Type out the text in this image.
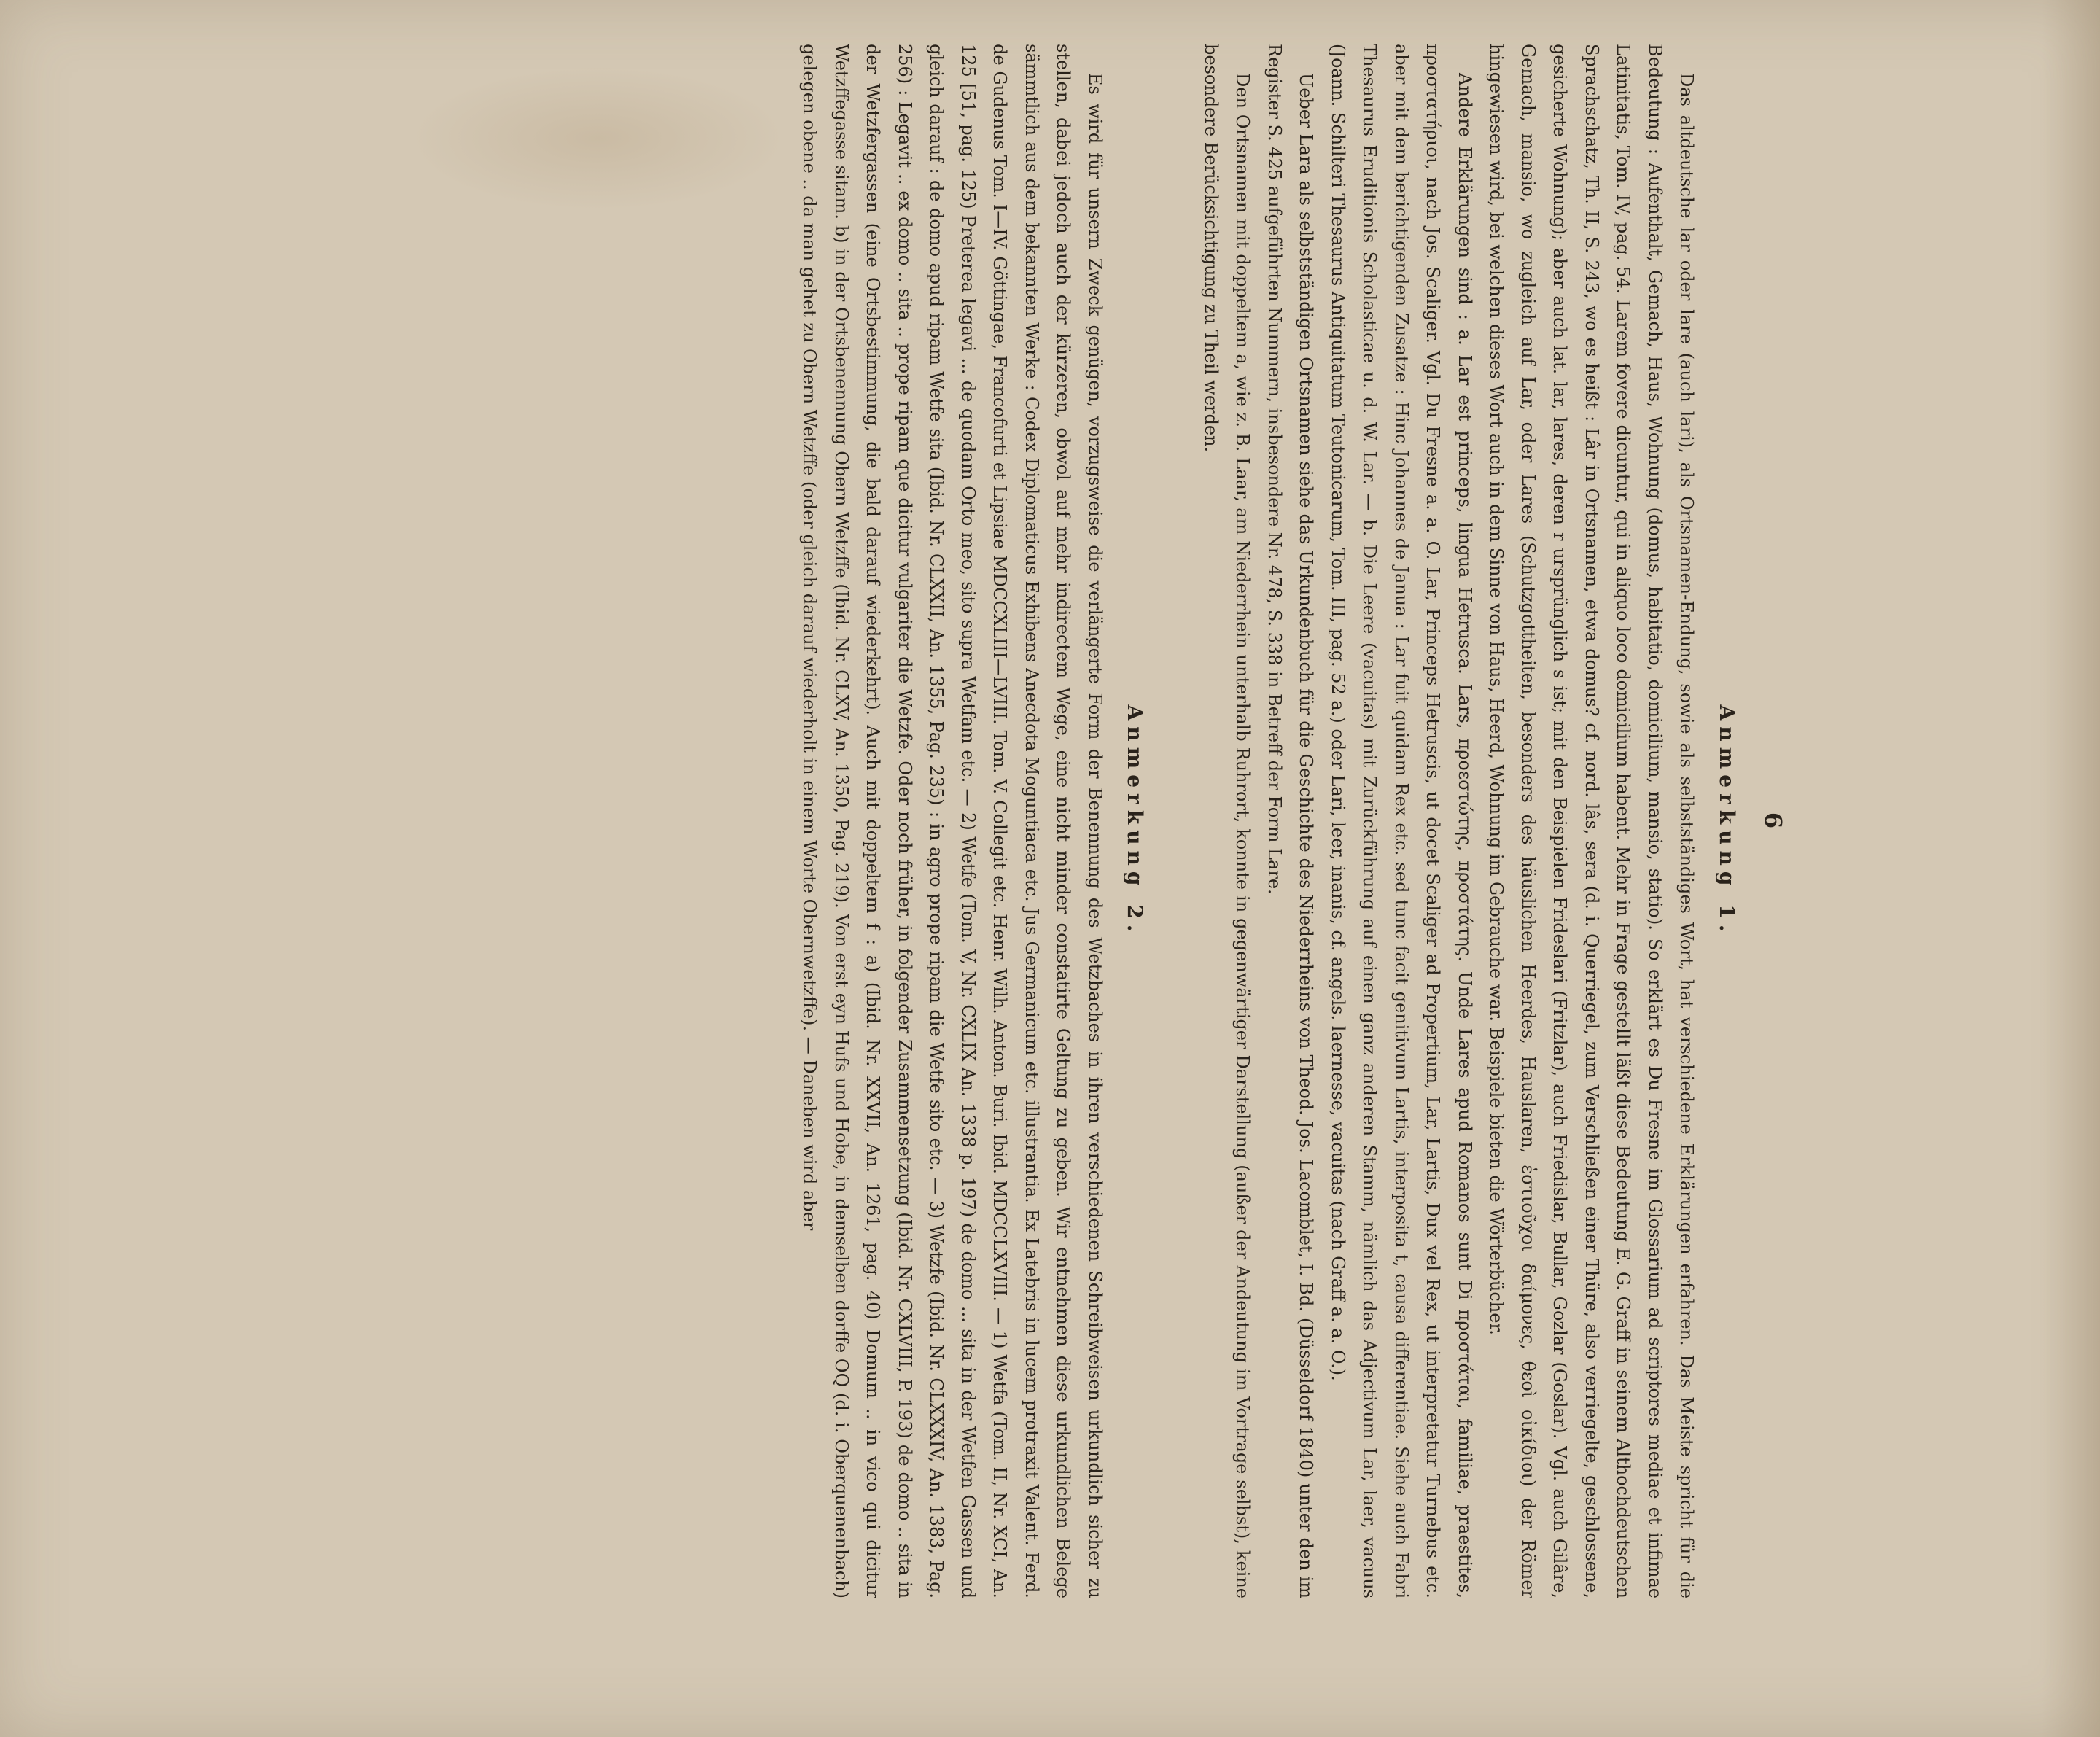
6
Anmerkung 1.

Das altdeutsche lar oder lare (auch lari), als Ortsnamen-Endung, sowie als selbstständiges Wort, hat verschiedene Erklärungen erfahren. Das Meiste spricht für die Bedeutung : Aufenthalt, Gemach, Haus, Wohnung (domus, habitatio, domicilium, mansio, statio). So erklärt es Du Fresne im Glossarium ad scriptores mediae et infimae Latinitatis, Tom. IV, pag. 54. Larem fovere dicuntur, qui in aliquo loco domicilium habent. Mehr in Frage gestellt läßt diese Bedeutung E. G. Graff in seinem Althochdeutschen Sprachschatz, Th. II, S. 243, wo es heißt : Lâr in Ortsnamen, etwa domus? cf. nord. lâs, sera (d. i. Querriegel, zum Verschließen einer Thüre, also verriegelte, geschlossene, gesicherte Wohnung); aber auch lat. lar, lares, deren r ursprünglich s ist; mit den Beispielen Frideslari (Fritzlar), auch Friedislar, Bullar, Gozlar (Goslar). Vgl. auch Gilâre, Gemach, mansio, wo zugleich auf Lar, oder Lares (Schutzgottheiten, besonders des häuslichen Heerdes, Hauslaren, ἑστιοῦχοι δαίμονες, θεοὶ οἰκίδιοι) der Römer hingewiesen wird, bei welchen dieses Wort auch in dem Sinne von Haus, Heerd, Wohnung im Gebrauche war. Beispiele bieten die Wörterbücher.

Andere Erklärungen sind : a. Lar est princeps, lingua Hetrusca. Lars, προεστώτης, προστάτης. Unde Lares apud Romanos sunt Di προστάται, familiae, praestites, προστατήριοι, nach Jos. Scaliger. Vgl. Du Fresne a. a. O. Lar, Princeps Hetruscis, ut docet Scaliger ad Propertium, Lar, Lartis, Dux vel Rex, ut interpretatur Turnebus etc. aber mit dem berichtigenden Zusatze : Hinc Johannes de Janua : Lar fuit quidam Rex etc. sed tunc facit genitivum Lartis, interposita t, causa differentiae. Siehe auch Fabri Thesaurus Eruditionis Scholasticae u. d. W. Lar. — b. Die Leere (vacuitas) mit Zurückführung auf einen ganz anderen Stamm, nämlich das Adjectivum Lar, laer, vacuus (Joann. Schilteri Thesaurus Antiquitatum Teutonicarum, Tom. III, pag. 52 a.) oder Lari, leer, inanis, cf. angels. laernesse, vacuitas (nach Graff a. a. O.).

Ueber Lara als selbstständigen Ortsnamen siehe das Urkundenbuch für die Geschichte des Niederrheins von Theod. Jos. Lacomblet, I. Bd. (Düsseldorf 1840) unter den im Register S. 425 aufgeführten Nummern, insbesondere Nr. 478, S. 338 in Betreff der Form Lare.

Den Ortsnamen mit doppeltem a, wie z. B. Laar, am Niederrhein unterhalb Ruhrort, konnte in gegenwärtiger Darstellung (außer der Andeutung im Vortrage selbst), keine besondere Berücksichtigung zu Theil werden.

Anmerkung 2.

Es wird für unsern Zweck genügen, vorzugsweise die verlängerte Form der Benennung des Wetzbaches in ihren verschiedenen Schreibweisen urkundlich sicher zu stellen, dabei jedoch auch der kürzeren, obwol auf mehr indirectem Wege, eine nicht minder constatirte Geltung zu geben. Wir entnehmen diese urkundlichen Belege sämmtlich aus dem bekannten Werke : Codex Diplomaticus Exhibens Anecdota Moguntiaca etc. Jus Germanicum etc. illustrantia. Ex Latebris in lucem protraxit Valent. Ferd. de Gudenus Tom. I—IV. Göttingae, Francofurti et Lipsiae MDCCXLIII—LVIII. Tom. V. Collegit etc. Henr. Wilh. Anton. Buri. Ibid. MDCCLXVIII. — 1) Wetfa (Tom. II, Nr. XCI, An. 125 [51, pag. 125) Preterea legavi ... de quodam Orto meo, sito supra Wetfam etc. — 2) Wetfe (Tom. V, Nr. CXLIX An. 1338 p. 197) de domo ... sita in der Wetfen Gassen und gleich darauf : de domo apud ripam Wetfe sita (Ibid. Nr. CLXXII, An. 1355, Pag. 235) : in agro prope ripam die Wetfe sito etc. — 3) Wetzfe (Ibid. Nr. CLXXXIV, An. 1383, Pag. 256) : Legavit .. ex domo .. sita .. prope ripam que dicitur vulgariter die Wetzfe. Oder noch früher, in folgender Zusammensetzung (Ibid. Nr. CXLVIII, P. 193) de domo .. sita in der Wetzfergassen (eine Ortsbestimmung, die bald darauf wiederkehrt). Auch mit doppeltem f : a) (Ibid. Nr. XXVII, An. 1261, pag. 40) Domum .. in vico qui dicitur Wetzffegasse sitam. b) in der Ortsbenennung Obern Wetzffe (Ibid. Nr. CLXV, An. 1350, Pag. 219). Von erst eyn Hufs und Hobe, in demselben dorffe OQ (d. i. Oberquenenbach) gelegen obene .. da man gehet zu Obern Wetzffe (oder gleich darauf wiederholt in einem Worte Obernwetzffe). — Daneben wird aber
